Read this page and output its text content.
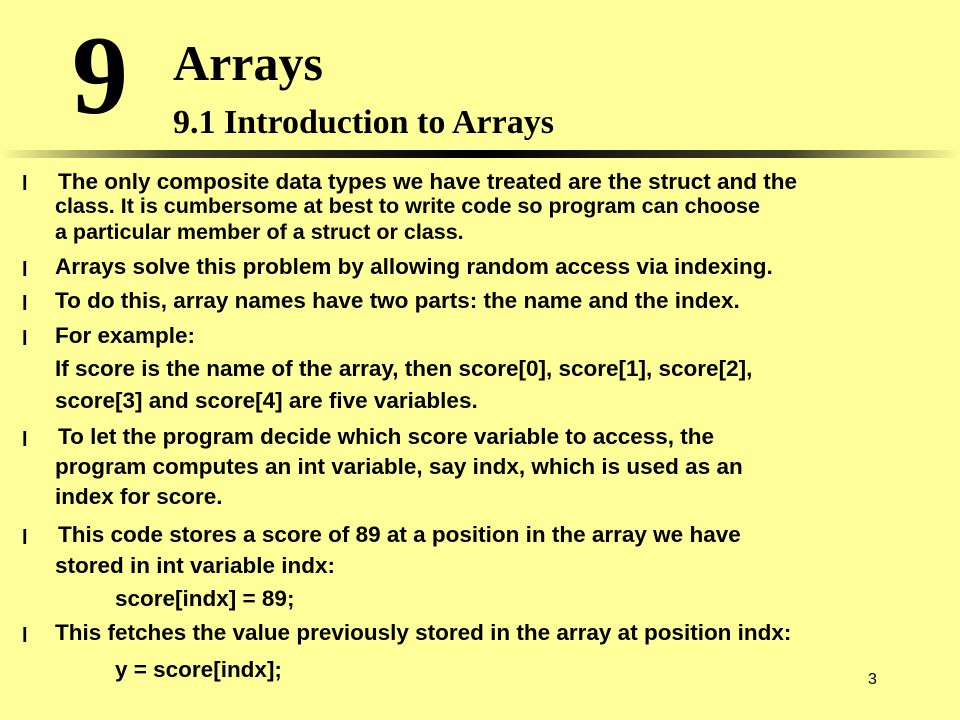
9 Arrays
9.1 Introduction to Arrays
l The only composite data types we have treated are the struct and the

class. It is cumbersome at best to write code so program can choose

a particular member of a struct or class.

l Arrays solve this problem by allowing random access via indexing.

l To do this, array names have two parts: the name and the index.

l For example:

If score is the name of the array, then score[0], score[1], score[2],

score[3] and score[4] are five variables.

l To let the program decide which score variable to access, the

program computes an int variable, say indx, which is used as an

index for score.

l This code stores a score of 89 at a position in the array we have

stored in int variable indx:

score[indx] = 89;

l This fetches the value previously stored in the array at position indx:

y = score[indx];	3
